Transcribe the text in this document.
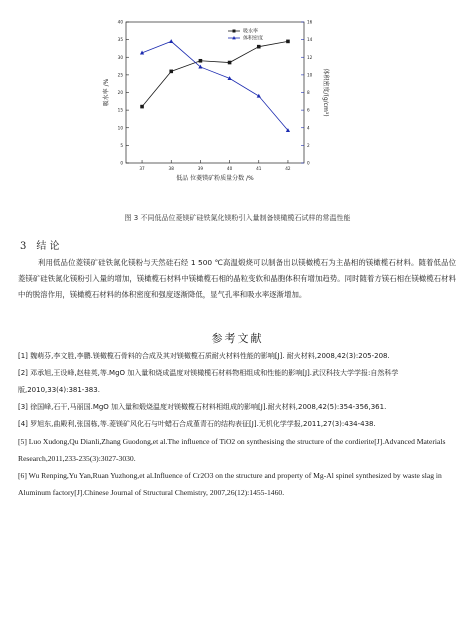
37	38	39	40	41	42
0
5
10
15
20
25
30
35
40
0
2
4
6
8
10
12
14
16
低品 位菱镁矿粉质量分数 /%
吸水率 /%	体积密度/(g/cm³)
吸水率
体积密度
图 3 不同低品位菱镁矿硅铁氮化镁粉引入量制备镁橄榄石试样的常温性能
3 结 论

利用低品位菱镁矿硅铁氮化镁粉与天然硅石经 1 500 ℃高温煅烧可以制备出以镁橄榄石为主晶相的镁橄榄石材料。随着低品位菱镁矿硅铁氮化镁粉引入量的增加，镁橄榄石材料中镁橄榄石相的晶粒变软和晶胞体积有增加趋势。同时随着方镁石相在镁橄榄石材料中的脱溶作用，镁橄榄石材料的体积密度和强度逐渐降低，显气孔率和吸水率逐渐增加。

参考文献
[1] 魏萌芬,李文胜,李鹏.镁橄榄石骨料的合成及其对镁橄榄石质耐火材料性能的影响[J]. 耐火材料,2008,42(3):205-208.
[2] 邓承旭,王设峰,赵桂英,等.MgO 加入量和烧成温度对镁橄榄石材料物相组成和性能的影响[J].武汉科技大学学报:自然科学版,2010,33(4):381-383.
[3] 徐国峰,石干,马丽国.MgO 加入量和煅烧温度对镁橄榄石材料相组成的影响[J].耐火材料,2008,42(5):354-356,361.
[4] 罗旭东,曲殿利,张国栋,等.菱镁矿风化石与叶蜡石合成堇青石的结构表征[J].无机化学学报,2011,27(3):434-438.
[5] Luo Xudong,Qu Dianli,Zhang Guodong,et al.The influence of TiO2 on synthesising the structure of the cordierite[J].Advanced Materials Research,2011,233-235(3):3027-3030.
[6] Wu Renping,Yu Yan,Ruan Yuzhong,et al.Influence of Cr2O3 on the structure and property of Mg-Al spinel synthesized by waste slag in Aluminum factory[J].Chinese Journal of Structural Chemistry, 2007,26(12):1455-1460.
